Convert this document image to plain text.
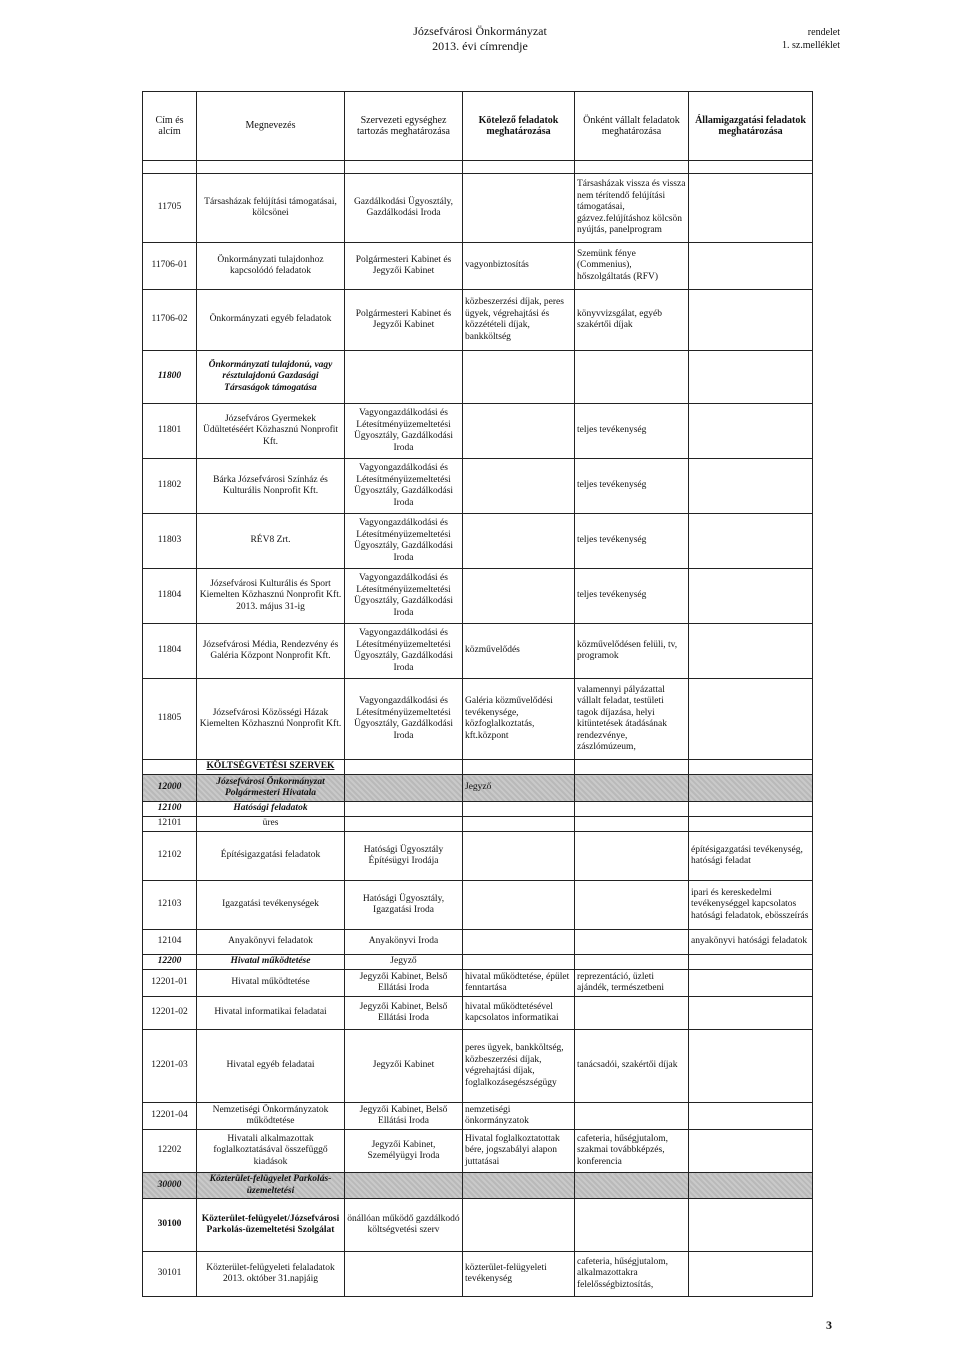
Józsefvárosi Önkormányzat
2013. évi címrendje
rendelet
1. sz.melléklet
Cím és alcím	Megnevezés	Szervezeti egységhez tartozás meghatározása	Kötelező feladatok meghatározása	Önként vállalt feladatok meghatározása	Államigazgatási feladatok meghatározása

11705	Társasházak felújítási támogatásai, kölcsönei	Gazdálkodási Ügyosztály, Gazdálkodási Iroda		Társasházak vissza és vissza nem térítendő felújítási támogatásai, gázvez.felújításhoz kölcsön nyújtás, panelprogram	
11706-01	Önkormányzati tulajdonhoz kapcsolódó feladatok	Polgármesteri Kabinet és Jegyzői Kabinet	vagyonbiztosítás	Szemünk fénye (Commenius), hőszolgáltatás (RFV)	
11706-02	Önkormányzati egyéb feladatok	Polgármesteri Kabinet és Jegyzői Kabinet	közbeszerzési díjak, peres ügyek, végrehajtási és közzétételi díjak, bankköltség	könyvvizsgálat, egyéb szakértői díjak	
11800	Önkormányzati tulajdonú, vagy résztulajdonú Gazdasági Társaságok támogatása				
11801	Józsefváros Gyermekek Üdültetéséért Közhasznú Nonprofit Kft.	Vagyongazdálkodási és Létesítményüzemeltetési Ügyosztály, Gazdálkodási Iroda		teljes tevékenység	
11802	Bárka Józsefvárosi Színház és Kulturális Nonprofit Kft.	Vagyongazdálkodási és Létesítményüzemeltetési Ügyosztály, Gazdálkodási Iroda		teljes tevékenység	
11803	RÉV8 Zrt.	Vagyongazdálkodási és Létesítményüzemeltetési Ügyosztály, Gazdálkodási Iroda		teljes tevékenység	
11804	Józsefvárosi Kulturális és Sport Kiemelten Közhasznú Nonprofit Kft. 2013. május 31-ig	Vagyongazdálkodási és Létesítményüzemeltetési Ügyosztály, Gazdálkodási Iroda		teljes tevékenység	
11804	Józsefvárosi Média, Rendezvény és Galéria Központ Nonprofit Kft.	Vagyongazdálkodási és Létesítményüzemeltetési Ügyosztály, Gazdálkodási Iroda	közművelődés	közművelődésen felüli, tv, programok	
11805	Józsefvárosi Közösségi Házak Kiemelten Közhasznú Nonprofit Kft.	Vagyongazdálkodási és Létesítményüzemeltetési Ügyosztály, Gazdálkodási Iroda	Galéria közművelődési tevékenysége, közfoglalkoztatás, kft.központ	valamennyi pályázattal vállalt feladat, testületi tagok díjazása, helyi kitüntetések átadásának rendezvénye, zászlómúzeum,	
	KÖLTSÉGVETÉSI SZERVEK				
12000	Józsefvárosi Önkormányzat Polgármesteri Hivatala		Jegyző		
12100	Hatósági feladatok				
12101	üres				
12102	Építésigazgatási feladatok	Hatósági Ügyosztály Építésügyi Irodája			építésigazgatási tevékenység, hatósági feladat
12103	Igazgatási tevékenységek	Hatósági Ügyosztály, Igazgatási Iroda			ipari és kereskedelmi tevékenységgel kapcsolatos hatósági feladatok, ebösszeírás
12104	Anyakönyvi feladatok	Anyakönyvi Iroda			anyakönyvi hatósági feladatok
12200	Hivatal működtetése	Jegyző			
12201-01	Hivatal működtetése	Jegyzői Kabinet, Belső Ellátási Iroda	hivatal működtetése, épület fenntartása	reprezentáció, üzleti ajándék, természetbeni	
12201-02	Hivatal informatikai feladatai	Jegyzői Kabinet, Belső Ellátási Iroda	hivatal működtetésével kapcsolatos informatikai		
12201-03	Hivatal egyéb feladatai	Jegyzői Kabinet	peres ügyek, bankköltség, közbeszerzési díjak, végrehajtási díjak, foglalkozásegészségügy	tanácsadói, szakértői díjak	
12201-04	Nemzetiségi Önkormányzatok működtetése	Jegyzői Kabinet, Belső Ellátási Iroda	nemzetiségi önkormányzatok		
12202	Hivatali alkalmazottak foglalkoztatásával összefüggő kiadások	Jegyzői Kabinet, Személyügyi Iroda	Hivatal foglalkoztatottak bére, jogszabályi alapon juttatásai	cafeteria, hűségjutalom, szakmai továbbképzés, konferencia	
30000	Közterület-felügyelet Parkolás-üzemeltetési				
30100	Közterület-felügyelet/Józsefvárosi Parkolás-üzemeltetési Szolgálat	önállóan működő gazdálkodó költségvetési szerv			
30101	Közterület-felügyeleti felaladatok 2013. október 31.napjáig		közterület-felügyeleti tevékenység	cafeteria, hűségjutalom, alkalmazottakra felelősségbiztosítás,	
3
